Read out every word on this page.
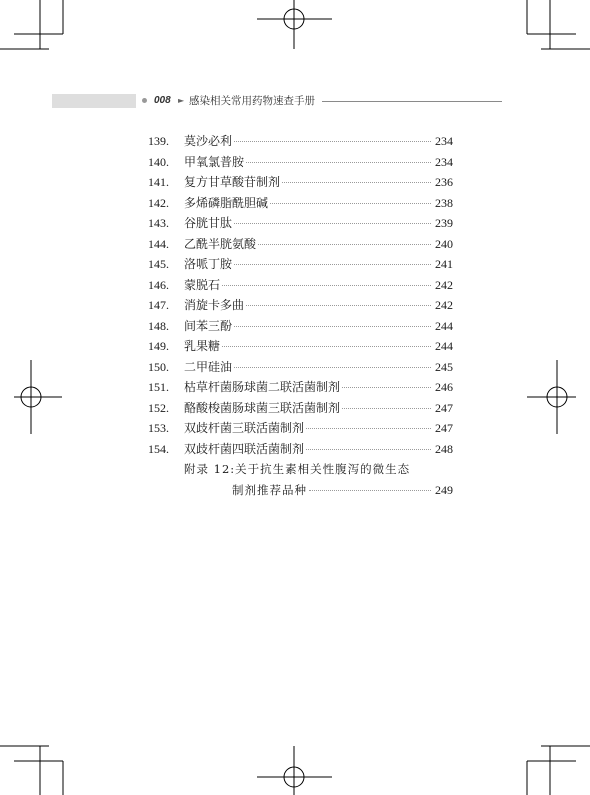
008 ► 感染相关常用药物速查手册
139.	莫沙必利	234
140.	甲氧氯普胺	234
141.	复方甘草酸苷制剂	236
142.	多烯磷脂酰胆碱	238
143.	谷胱甘肽	239
144.	乙酰半胱氨酸	240
145.	洛哌丁胺	241
146.	蒙脱石	242
147.	消旋卡多曲	242
148.	间苯三酚	244
149.	乳果糖	244
150.	二甲硅油	245
151.	枯草杆菌肠球菌二联活菌制剂	246
152.	酪酸梭菌肠球菌三联活菌制剂	247
153.	双歧杆菌三联活菌制剂	247
154.	双歧杆菌四联活菌制剂	248
附录 12:关于抗生素相关性腹泻的微生态
制剂推荐品种	249
